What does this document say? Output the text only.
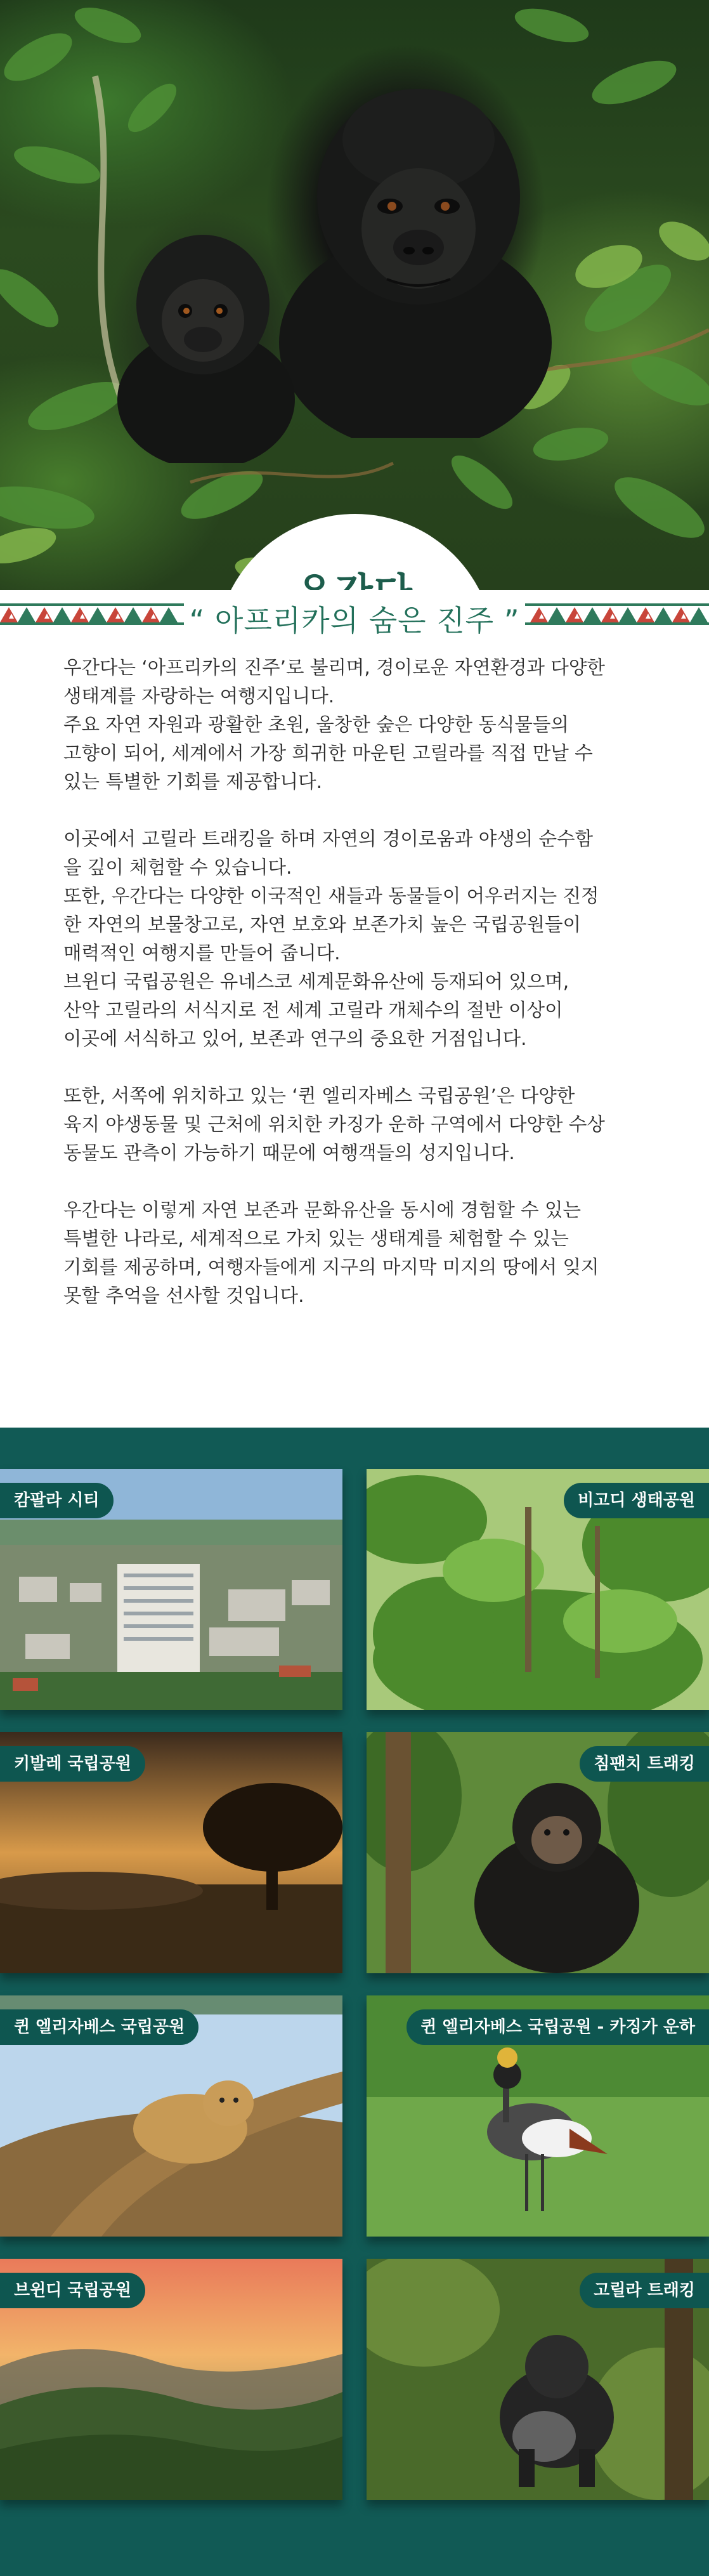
“ 아프리카의 숨은 진주 ”

우간다는 ‘아프리카의 진주’로 불리며, 경이로운 자연환경과 다양한
생태계를 자랑하는 여행지입니다.
주요 자연 자원과 광활한 초원, 울창한 숲은 다양한 동식물들의
고향이 되어, 세계에서 가장 희귀한 마운틴 고릴라를 직접 만날 수
있는 특별한 기회를 제공합니다.

이곳에서 고릴라 트래킹을 하며 자연의 경이로움과 야생의 순수함
을 깊이 체험할 수 있습니다.
또한, 우간다는 다양한 이국적인 새들과 동물들이 어우러지는 진정
한 자연의 보물창고로, 자연 보호와 보존가치 높은 국립공원들이
매력적인 여행지를 만들어 줍니다.
브윈디 국립공원은 유네스코 세계문화유산에 등재되어 있으며,
산악 고릴라의 서식지로 전 세계 고릴라 개체수의 절반 이상이
이곳에 서식하고 있어, 보존과 연구의 중요한 거점입니다.

또한, 서쪽에 위치하고 있는 ‘퀸 엘리자베스 국립공원’은 다양한
육지 야생동물 및 근처에 위치한 카징가 운하 구역에서 다양한 수상
동물도 관측이 가능하기 때문에 여행객들의 성지입니다.

우간다는 이렇게 자연 보존과 문화유산을 동시에 경험할 수 있는
특별한 나라로, 세계적으로 가치 있는 생태계를 체험할 수 있는
기회를 제공하며, 여행자들에게 지구의 마지막 미지의 땅에서 잊지
못할 추억을 선사할 것입니다.

캄팔라 시티	비고디 생태공원
키발레 국립공원	침팬치 트래킹
퀸 엘리자베스 국립공원	퀸 엘리자베스 국립공원 - 카징가 운하
브윈디 국립공원	고릴라 트래킹
